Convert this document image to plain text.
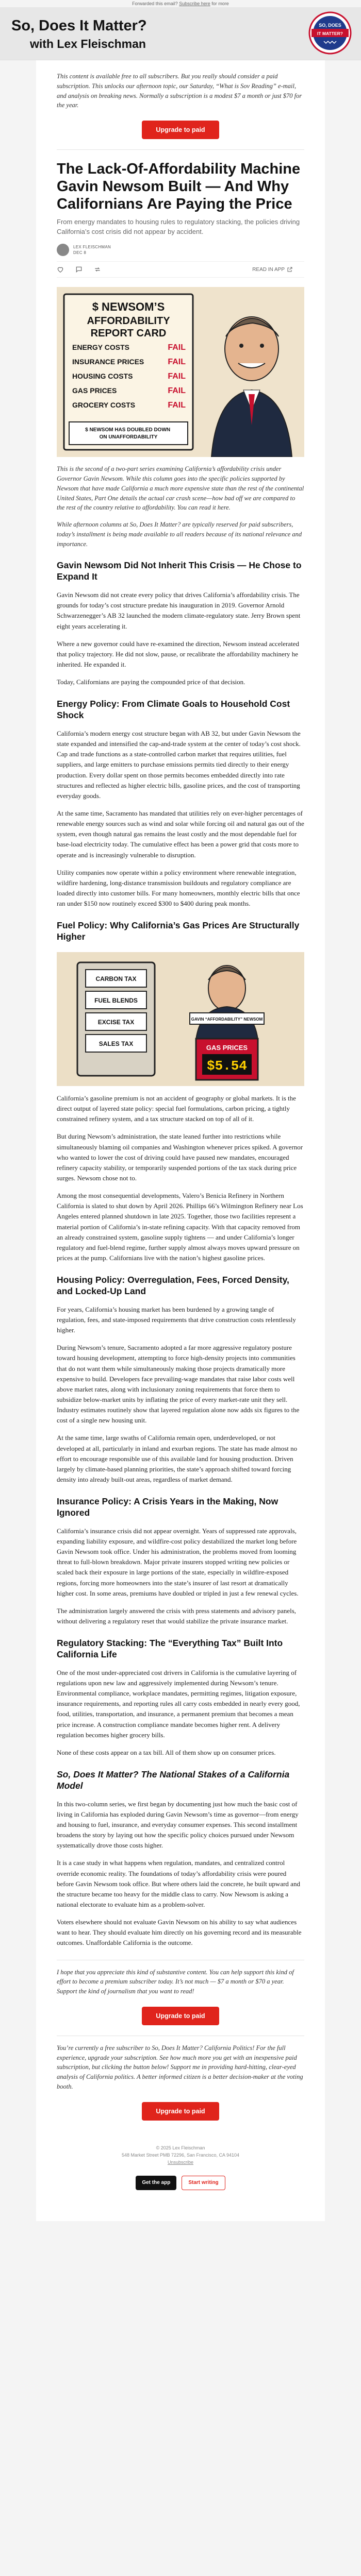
Forwarded this email? Subscribe here for more
So, Does It Matter?
with Lex Fleischman
SO, DOES
IT MATTER?

This content is available free to all subscribers. But you really should consider a paid subscription. This unlocks our afternoon topic, our Saturday, “What is Sov Reading” e-mail, and analysis on breaking news. Normally a subscription is a modest $7 a month or just $70 for the year.

Upgrade to paid
The Lack-Of-Affordability Machine Gavin Newsom Built — And Why Californians Are Paying the Price

From energy mandates to housing rules to regulatory stacking, the policies driving California’s cost crisis did not appear by accident.

LEX FLEISCHMAN
DEC 8
READ IN APP
$ NEWSOM’S
AFFORDABILITY
REPORT CARD
ENERGY COSTS	FAIL
INSURANCE PRICES	FAIL
HOUSING COSTS	FAIL
GAS PRICES	FAIL
GROCERY COSTS	FAIL
$ NEWSOM HAS DOUBLED DOWN ON UNAFFORDABILITY

This is the second of a two-part series examining California’s affordability crisis under Governor Gavin Newsom. While this column goes into the specific policies supported by Newsom that have made California a much more expensive state than the rest of the continental United States, Part One details the actual car crash scene—how bad off we are compared to the rest of the country relative to affordability. You can read it here.

While afternoon columns at So, Does It Matter? are typically reserved for paid subscribers, today’s installment is being made available to all readers because of its national relevance and importance.

Gavin Newsom Did Not Inherit This Crisis — He Chose to Expand It

Gavin Newsom did not create every policy that drives California’s affordability crisis. The grounds for today’s cost structure predate his inauguration in 2019. Governor Arnold Schwarzenegger’s AB 32 launched the modern climate-regulatory state. Jerry Brown spent eight years accelerating it.

Where a new governor could have re-examined the direction, Newsom instead accelerated that policy trajectory. He did not slow, pause, or recalibrate the affordability machinery he inherited. He expanded it.

Today, Californians are paying the compounded price of that decision.

Energy Policy: From Climate Goals to Household Cost Shock

California’s modern energy cost structure began with AB 32, but under Gavin Newsom the state expanded and intensified the cap-and-trade system at the center of today’s cost shock. Cap and trade functions as a state-controlled carbon market that requires utilities, fuel suppliers, and large emitters to purchase emissions permits tied directly to their energy production. Every dollar spent on those permits becomes embedded directly into rate structures and reflected as higher electric bills, gasoline prices, and the cost of transporting everyday goods.

At the same time, Sacramento has mandated that utilities rely on ever-higher percentages of renewable energy sources such as wind and solar while forcing oil and natural gas out of the system, even though natural gas remains the least costly and the most dependable fuel for base-load electricity today. The cumulative effect has been a power grid that costs more to operate and is increasingly vulnerable to disruption.

Utility companies now operate within a policy environment where renewable integration, wildfire hardening, long-distance transmission buildouts and regulatory compliance are loaded directly into customer bills. For many homeowners, monthly electric bills that once ran under $150 now routinely exceed $300 to $400 during peak months.

Fuel Policy: Why California’s Gas Prices Are Structurally Higher
CARBON TAX
FUEL BLENDS
EXCISE TAX
SALES TAX
GAVIN “AFFORDABILITY” NEWSOM
GAS PRICES
$5.54

California’s gasoline premium is not an accident of geography or global markets. It is the direct output of layered state policy: special fuel formulations, carbon pricing, a tightly constrained refinery system, and a tax structure stacked on top of all of it.

But during Newsom’s administration, the state leaned further into restrictions while simultaneously blaming oil companies and Washington whenever prices spiked. A governor who wanted to lower the cost of driving could have paused new mandates, encouraged refinery capacity stability, or temporarily suspended portions of the tax stack during price surges. Newsom chose not to.

Among the most consequential developments, Valero’s Benicia Refinery in Northern California is slated to shut down by April 2026. Phillips 66’s Wilmington Refinery near Los Angeles entered planned shutdown in late 2025. Together, those two facilities represent a material portion of California’s in-state refining capacity. With that capacity removed from an already constrained system, gasoline supply tightens — and under California’s longer regulatory and fuel-blend regime, further supply almost always moves upward pressure on prices at the pump. Californians live with the nation’s highest gasoline prices.

Housing Policy: Overregulation, Fees, Forced Density, and Locked-Up Land

For years, California’s housing market has been burdened by a growing tangle of regulation, fees, and state-imposed requirements that drive construction costs relentlessly higher.

During Newsom’s tenure, Sacramento adopted a far more aggressive regulatory posture toward housing development, attempting to force high-density projects into communities that do not want them while simultaneously making those projects dramatically more expensive to build. Developers face prevailing-wage mandates that raise labor costs well above market rates, along with inclusionary zoning requirements that force them to subsidize below-market units by inflating the price of every market-rate unit they sell. Industry estimates routinely show that layered regulation alone now adds six figures to the cost of a single new housing unit.

At the same time, large swaths of California remain open, underdeveloped, or not developed at all, particularly in inland and exurban regions. The state has made almost no effort to encourage responsible use of this available land for housing production. Driven largely by climate-based planning priorities, the state’s approach shifted toward forcing density into already built-out areas, regardless of market demand.

Insurance Policy: A Crisis Years in the Making, Now Ignored

California’s insurance crisis did not appear overnight. Years of suppressed rate approvals, expanding liability exposure, and wildfire-cost policy destabilized the market long before Gavin Newsom took office. Under his administration, the problems moved from looming threat to full-blown breakdown. Major private insurers stopped writing new policies or scaled back their exposure in large portions of the state, especially in wildfire-exposed regions, forcing more homeowners into the state’s insurer of last resort at dramatically higher cost. In some areas, premiums have doubled or tripled in just a few renewal cycles.

The administration largely answered the crisis with press statements and advisory panels, without delivering a regulatory reset that would stabilize the private insurance market.

Regulatory Stacking: The “Everything Tax” Built Into California Life

One of the most under-appreciated cost drivers in California is the cumulative layering of regulations upon new law and aggressively implemented during Newsom’s tenure. Environmental compliance, workplace mandates, permitting regimes, litigation exposure, insurance requirements, and reporting rules all carry costs embedded in nearly every good, food, utilities, transportation, and insurance, a permanent premium that becomes a mean price increase. A construction compliance mandate becomes higher rent. A delivery regulation becomes higher grocery bills.

None of these costs appear on a tax bill. All of them show up on consumer prices.

So, Does It Matter? The National Stakes of a California Model

In this two-column series, we first began by documenting just how much the basic cost of living in California has exploded during Gavin Newsom’s time as governor—from energy and housing to fuel, insurance, and everyday consumer expenses. This second installment broadens the story by laying out how the specific policy choices pursued under Newsom systematically drove those costs higher.

It is a case study in what happens when regulation, mandates, and centralized control override economic reality. The foundations of today’s affordability crisis were poured before Gavin Newsom took office. But where others laid the concrete, he built upward and the structure became too heavy for the middle class to carry. Now Newsom is asking a national electorate to evaluate him as a problem-solver.

Voters elsewhere should not evaluate Gavin Newsom on his ability to say what audiences want to hear. They should evaluate him directly on his governing record and its measurable outcomes. Unaffordable California is the outcome.

I hope that you appreciate this kind of substantive content. You can help support this kind of effort to become a premium subscriber today. It’s not much — $7 a month or $70 a year. Support the kind of journalism that you want to read!

Upgrade to paid

You’re currently a free subscriber to So, Does It Matter? California Politics! For the full experience, upgrade your subscription. See how much more you get with an inexpensive paid subscription, but clicking the button below! Support me in providing hard-hitting, clear-eyed analysis of California politics. A better informed citizen is a better decision-maker at the voting booth.

Upgrade to paid
© 2025 Lex Fleischman
548 Market Street PMB 72296, San Francisco, CA 94104
Unsubscribe
Get the app	Start writing
